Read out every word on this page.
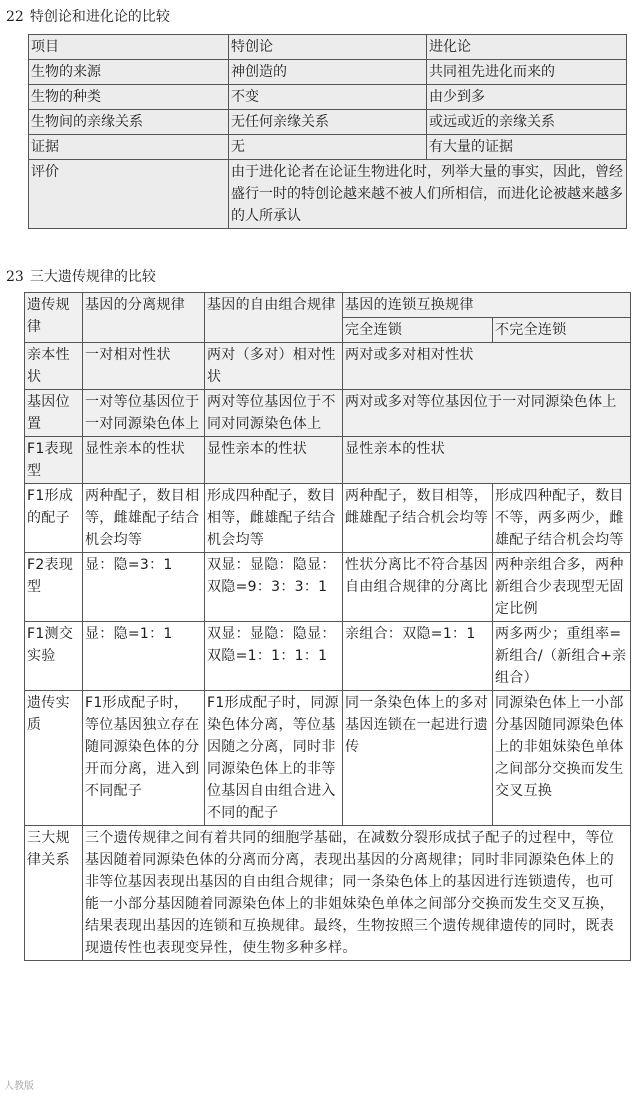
22 特创论和进化论的比较
项目	特创论	进化论
生物的来源	神创造的	共同祖先进化而来的
生物的种类	不变	由少到多
生物间的亲缘关系	无任何亲缘关系	或远或近的亲缘关系
证据	无	有大量的证据
评价	由于进化论者在论证生物进化时，列举大量的事实，因此，曾经盛行一时的特创论越来越不被人们所相信，而进化论被越来越多的人所承认	
23 三大遗传规律的比较
遗传规律	基因的分离规律	基因的自由组合规律	基因的连锁互换规律	
			完全连锁	不完全连锁
亲本性状	一对相对性状	两对（多对）相对性状	两对或多对相对性状	
基因位置	一对等位基因位于一对同源染色体上	两对等位基因位于不同对同源染色体上	两对或多对等位基因位于一对同源染色体上	
F1表现型	显性亲本的性状	显性亲本的性状	显性亲本的性状	
F1形成的配子	两种配子，数目相等，雌雄配子结合机会均等	形成四种配子，数目相等，雌雄配子结合机会均等	两种配子，数目相等，雌雄配子结合机会均等	形成四种配子，数目不等，两多两少，雌雄配子结合机会均等
F2表现型	显：隐=3：1	双显：显隐：隐显：双隐=9：3：3：1	性状分离比不符合基因自由组合规律的分离比	两种亲组合多，两种新组合少表现型无固定比例
F1测交实验	显：隐=1：1	双显：显隐：隐显：双隐=1：1：1：1	亲组合：双隐=1：1	两多两少；重组率=新组合/（新组合+亲组合）
遗传实质	F1形成配子时，等位基因独立存在随同源染色体的分开而分离，进入到不同配子	F1形成配子时，同源染色体分离，等位基因随之分离，同时非同源染色体上的非等位基因自由组合进入不同的配子	同一条染色体上的多对基因连锁在一起进行遗传	同源染色体上一小部分基因随同源染色体上的非姐妹染色单体之间部分交换而发生交叉互换
三大规律关系	三个遗传规律之间有着共同的细胞学基础，在减数分裂形成拭子配子的过程中，等位基因随着同源染色体的分离而分离，表现出基因的分离规律；同时非同源染色体上的非等位基因表现出基因的自由组合规律；同一条染色体上的基因进行连锁遗传，也可能一小部分基因随着同源染色体上的非姐妹染色单体之间部分交换而发生交叉互换，结果表现出基因的连锁和互换规律。最终，生物按照三个遗传规律遗传的同时，既表现遗传性也表现变异性，使生物多种多样。			
人教版
